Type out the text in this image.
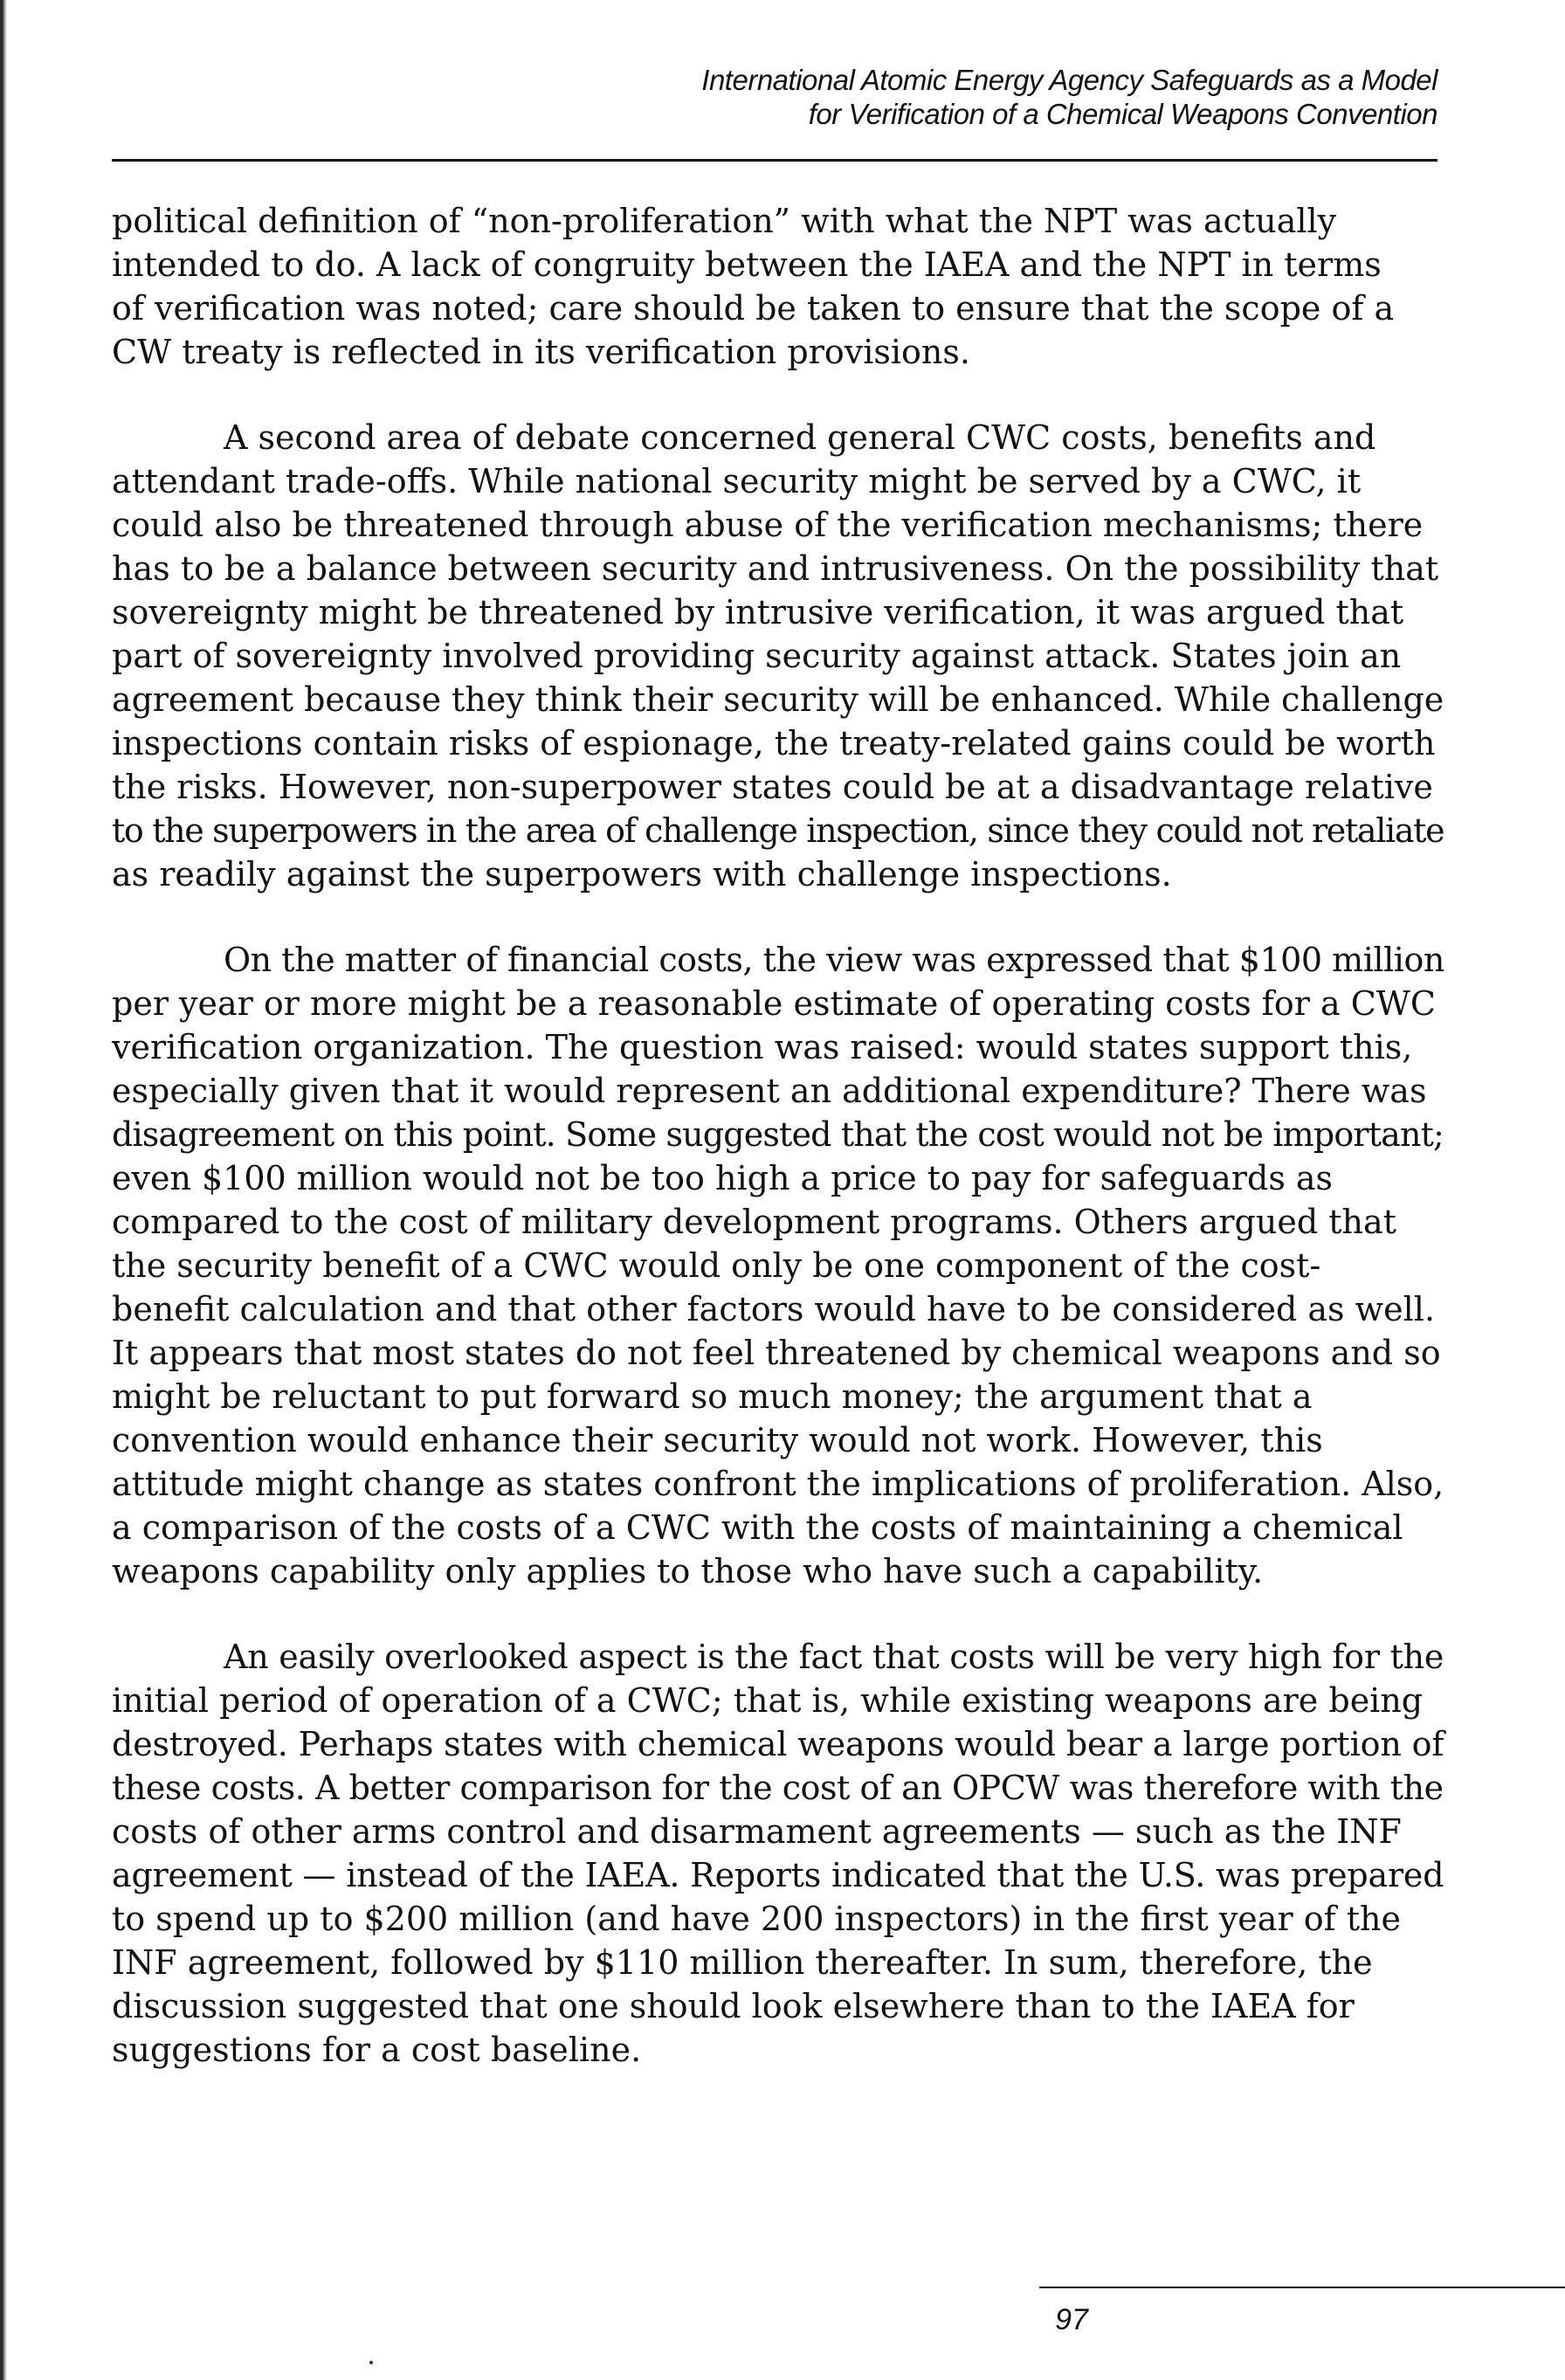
International Atomic Energy Agency Safeguards as a Model
for Verification of a Chemical Weapons Convention
political definition of “non-proliferation” with what the NPT was actually
intended to do. A lack of congruity between the IAEA and the NPT in terms
of verification was noted; care should be taken to ensure that the scope of a
CW treaty is reflected in its verification provisions.
A second area of debate concerned general CWC costs, benefits and
attendant trade-offs. While national security might be served by a CWC, it
could also be threatened through abuse of the verification mechanisms; there
has to be a balance between security and intrusiveness. On the possibility that
sovereignty might be threatened by intrusive verification, it was argued that
part of sovereignty involved providing security against attack. States join an
agreement because they think their security will be enhanced. While challenge
inspections contain risks of espionage, the treaty-related gains could be worth
the risks. However, non-superpower states could be at a disadvantage relative
to the superpowers in the area of challenge inspection, since they could not retaliate
as readily against the superpowers with challenge inspections.
On the matter of financial costs, the view was expressed that $100 million
per year or more might be a reasonable estimate of operating costs for a CWC
verification organization. The question was raised: would states support this,
especially given that it would represent an additional expenditure? There was
disagreement on this point. Some suggested that the cost would not be important;
even $100 million would not be too high a price to pay for safeguards as
compared to the cost of military development programs. Others argued that
the security benefit of a CWC would only be one component of the cost-
benefit calculation and that other factors would have to be considered as well.
It appears that most states do not feel threatened by chemical weapons and so
might be reluctant to put forward so much money; the argument that a
convention would enhance their security would not work. However, this
attitude might change as states confront the implications of proliferation. Also,
a comparison of the costs of a CWC with the costs of maintaining a chemical
weapons capability only applies to those who have such a capability.
An easily overlooked aspect is the fact that costs will be very high for the
initial period of operation of a CWC; that is, while existing weapons are being
destroyed. Perhaps states with chemical weapons would bear a large portion of
these costs. A better comparison for the cost of an OPCW was therefore with the
costs of other arms control and disarmament agreements — such as the INF
agreement — instead of the IAEA. Reports indicated that the U.S. was prepared
to spend up to $200 million (and have 200 inspectors) in the first year of the
INF agreement, followed by $110 million thereafter. In sum, therefore, the
discussion suggested that one should look elsewhere than to the IAEA for
suggestions for a cost baseline.
97
